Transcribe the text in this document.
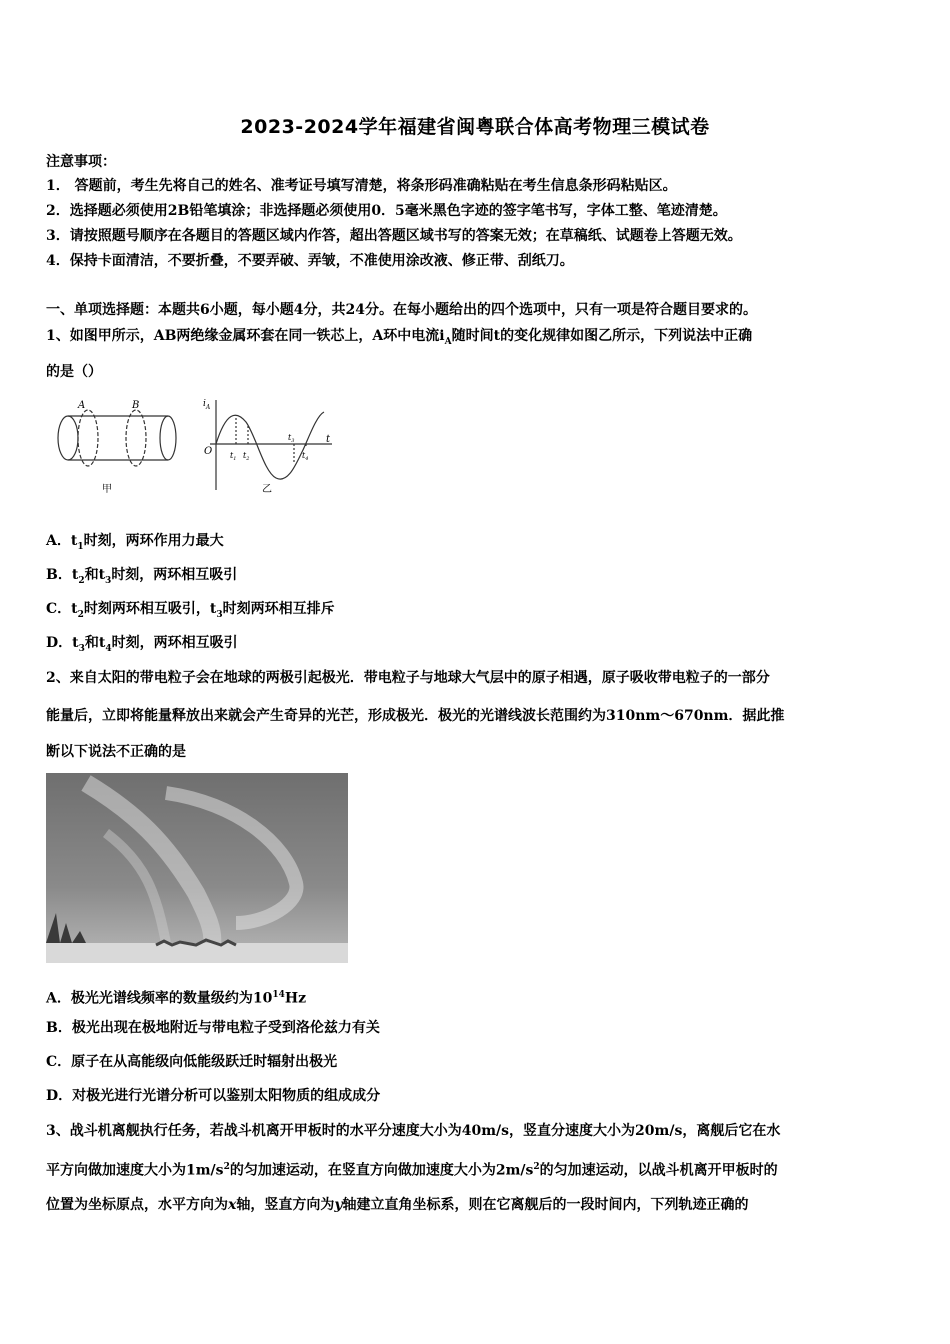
2023-2024学年福建省闽粤联合体高考物理三模试卷
注意事项：
1． 答题前，考生先将自己的姓名、准考证号填写清楚，将条形码准确粘贴在考生信息条形码粘贴区。
2．选择题必须使用2B铅笔填涂；非选择题必须使用0．5毫米黑色字迹的签字笔书写，字体工整、笔迹清楚。
3．请按照题号顺序在各题目的答题区域内作答，超出答题区域书写的答案无效；在草稿纸、试题卷上答题无效。
4．保持卡面清洁，不要折叠，不要弄破、弄皱，不准使用涂改液、修正带、刮纸刀。
一、单项选择题：本题共6小题，每小题4分，共24分。在每小题给出的四个选项中，只有一项是符合题目要求的。
1、如图甲所示，AB两绝缘金属环套在同一铁芯上，A环中电流$i_A$随时间t的变化规律如图乙所示，下列说法中正确
的是（）
A	B
甲
$i_A$
O
t
$t_1$ $t_2$
$t_3$
$t_4$
乙
A．$t_1$时刻，两环作用力最大
B．$t_2$和$t_3$时刻，两环相互吸引
C．$t_2$时刻两环相互吸引，$t_3$时刻两环相互排斥
D．$t_3$和$t_4$时刻，两环相互吸引
2、来自太阳的带电粒子会在地球的两极引起极光．带电粒子与地球大气层中的原子相遇，原子吸收带电粒子的一部分
能量后，立即将能量释放出来就会产生奇异的光芒，形成极光．极光的光谱线波长范围约为310nm～670nm．据此推
断以下说法不正确的是
A．极光光谱线频率的数量级约为$10^{14}Hz$
B．极光出现在极地附近与带电粒子受到洛伦兹力有关
C．原子在从高能级向低能级跃迁时辐射出极光
D．对极光进行光谱分析可以鉴别太阳物质的组成成分
3、战斗机离舰执行任务，若战斗机离开甲板时的水平分速度大小为40m/s，竖直分速度大小为20m/s，离舰后它在水
平方向做加速度大小为$1m/s^2$的匀加速运动，在竖直方向做加速度大小为$2m/s^2$的匀加速运动，以战斗机离开甲板时的
位置为坐标原点，水平方向为x轴，竖直方向为y轴建立直角坐标系，则在它离舰后的一段时间内，下列轨迹正确的
